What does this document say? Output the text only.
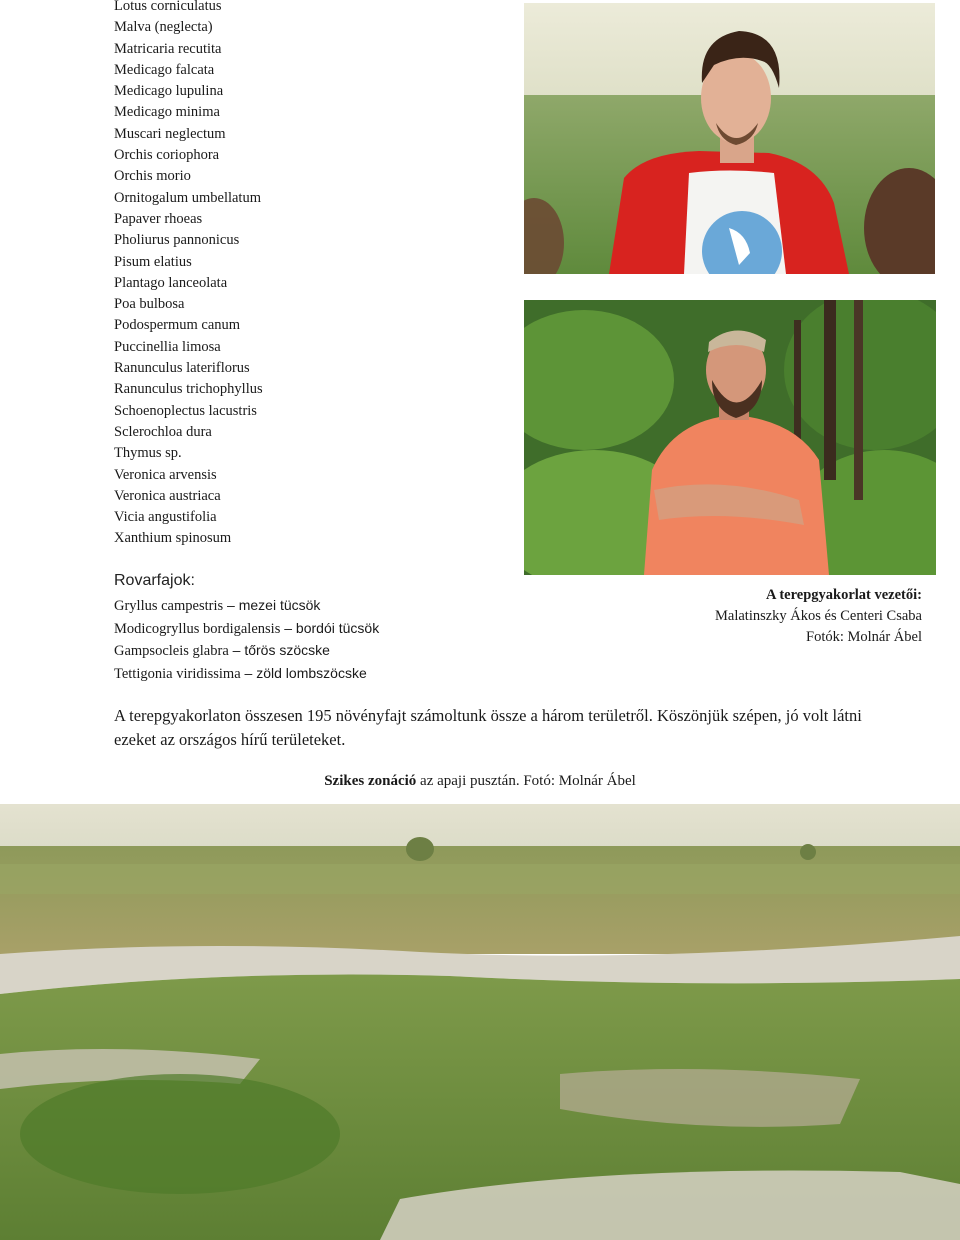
Lotus corniculatus
Malva (neglecta)
Matricaria recutita
Medicago falcata
Medicago lupulina
Medicago minima
Muscari neglectum
Orchis coriophora
Orchis morio
Ornitogalum umbellatum
Papaver rhoeas
Pholiurus pannonicus
Pisum elatius
Plantago lanceolata
Poa bulbosa
Podospermum canum
Puccinellia limosa
Ranunculus lateriflorus
Ranunculus trichophyllus
Schoenoplectus lacustris
Sclerochloa dura
Thymus sp.
Veronica arvensis
Veronica austriaca
Vicia angustifolia
Xanthium spinosum
Rovarfajok:
Gryllus campestris – mezei tücsök
Modicogryllus bordigalensis – bordói tücsök
Gampsocleis glabra – tőrös szöcske
Tettigonia viridissima – zöld lombszöcske
A terepgyakorlat vezetői:
Malatinszky Ákos és Centeri Csaba
Fotók: Molnár Ábel

A terepgyakorlaton összesen 195 növényfajt számoltunk össze a három területről. Köszönjük szépen, jó volt látni ezeket az országos hírű területeket.

Szikes zonáció az apaji pusztán. Fotó: Molnár Ábel
